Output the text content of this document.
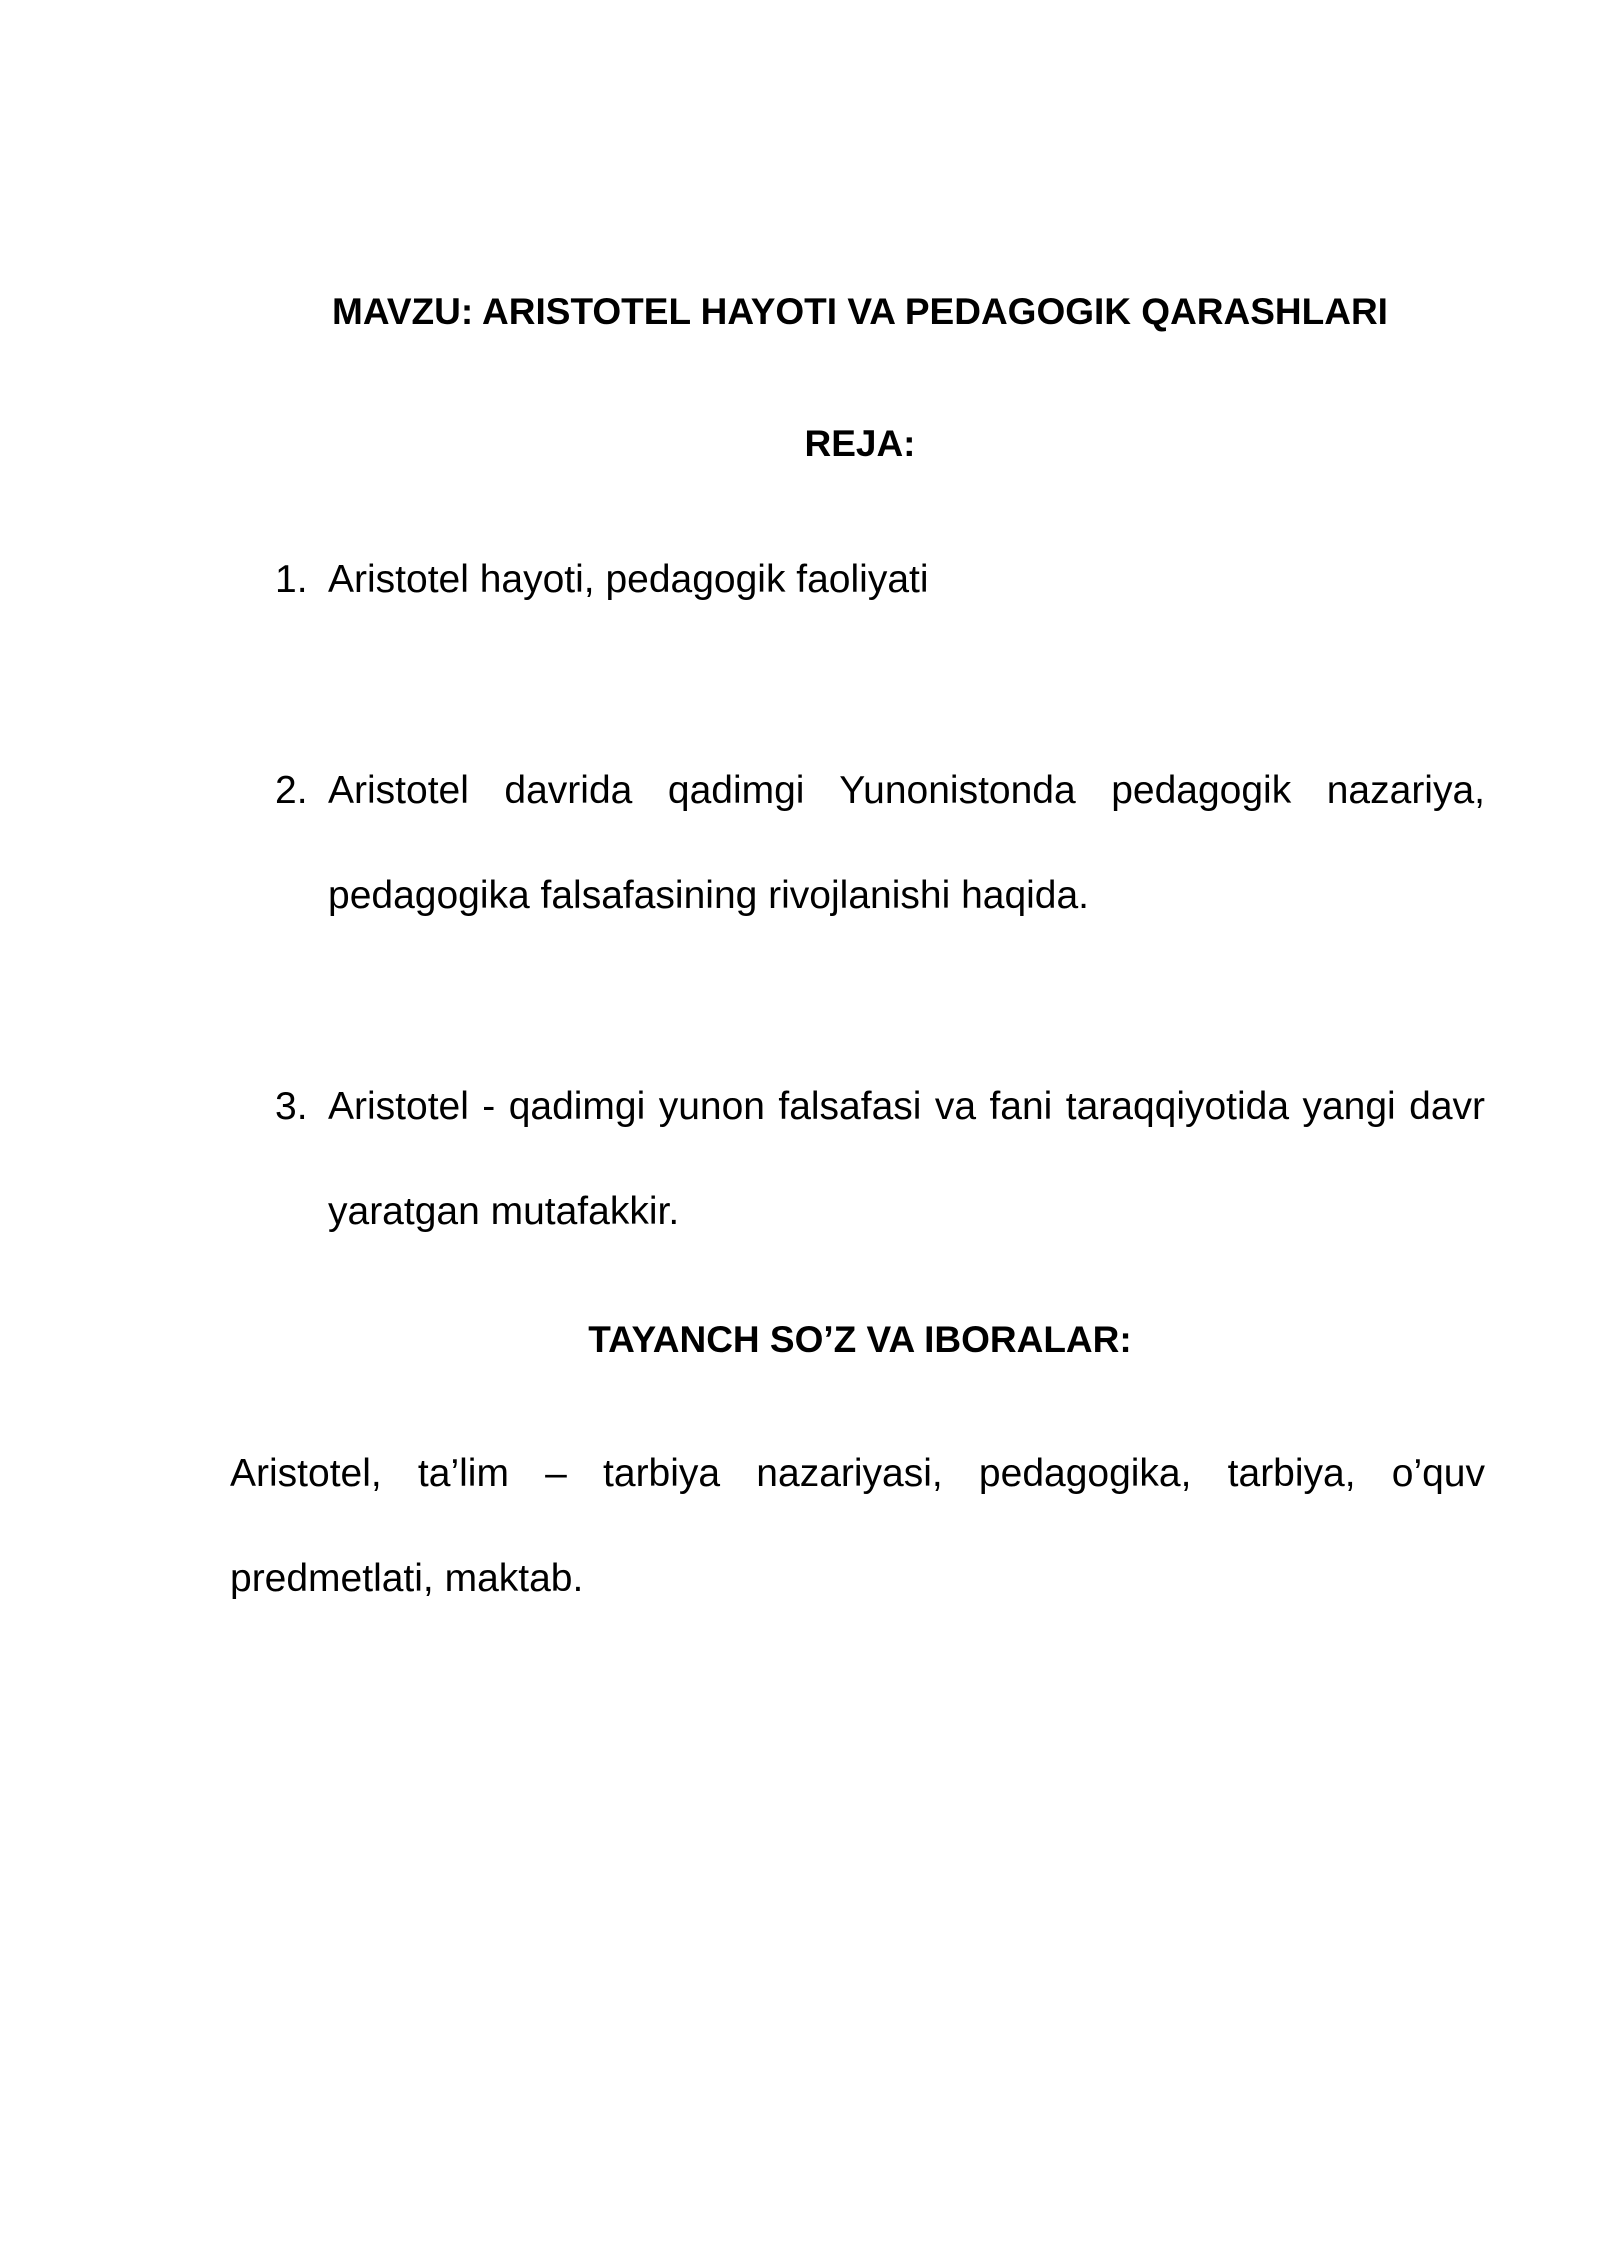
MAVZU: ARISTOTEL HAYOTI VA PEDAGOGIK QARASHLARI
REJA:
1. Aristotel hayoti, pedagogik faoliyati
2. Aristotel davrida qadimgi Yunonistonda pedagogik nazariya, pedagogika falsafasining rivojlanishi haqida.
3. Aristotel - qadimgi yunon falsafasi va fani taraqqiyotida yangi davr yaratgan mutafakkir.
TAYANCH SO’Z VA IBORALAR:

Aristotel, ta’lim – tarbiya nazariyasi, pedagogika, tarbiya, o’quv predmetlati, maktab.
